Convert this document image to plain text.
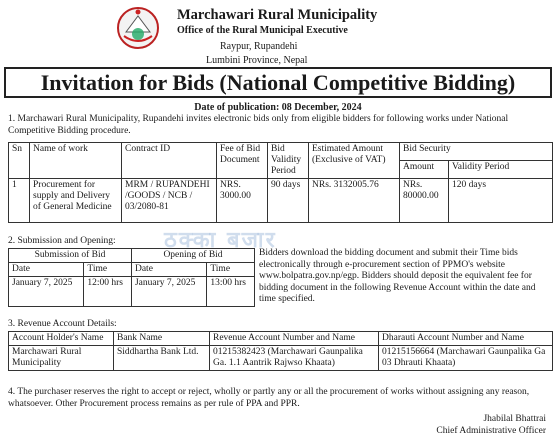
Marchawari Rural Municipality
Office of the Rural Municipal Executive
Raypur, Rupandehi
Lumbini Province, Nepal
Invitation for Bids (National Competitive Bidding)
Date of publication: 08 December, 2024
1. Marchawari Rural Municipality, Rupandehi invites electronic bids only from eligible bidders for following works under National Competitive Bidding procedure.
Sn	Name of work	Contract ID	Fee of Bid Document	Bid Validity Period	Estimated Amount (Exclusive of VAT)	Bid Security	
						Amount	Validity Period
1	Procurement for supply and Delivery of General Medicine	MRM / RUPANDEHI /GOODS / NCB / 03/2080-81	NRS. 3000.00	90 days	NRs. 3132005.76	NRs. 80000.00	120 days
ठक्का बजार
2. Submission and Opening:
Submission of Bid		Opening of Bid	
Date	Time	Date	Time
January 7, 2025	12:00 hrs	January 7, 2025	13:00 hrs
Bidders download the bidding document and submit their Time bids electronically through e-procurement section of PPMO's website www.bolpatra.gov.np/egp. Bidders should deposit the equivalent fee for bidding document in the following Revenue Account within the date and time specified.
3. Revenue Account Details:
Account Holder's Name	Bank Name	Revenue Account Number and Name	Dharauti Account Number and Name
Marchawari Rural Municipality	Siddhartha Bank Ltd.	01215382423 (Marchawari Gaunpalika Ga. 1.1 Aantrik Rajwso Khaata)	01215156664 (Marchawari Gaunpalika Ga 03 Dhrauti Khaata)
4. The purchaser reserves the right to accept or reject, wholly or partly any or all the procurement of works without assigning any reason, whatsoever. Other Procurement process remains as per rule of PPA and PPR.
Jhabilal Bhattrai
Chief Administrative Officer
